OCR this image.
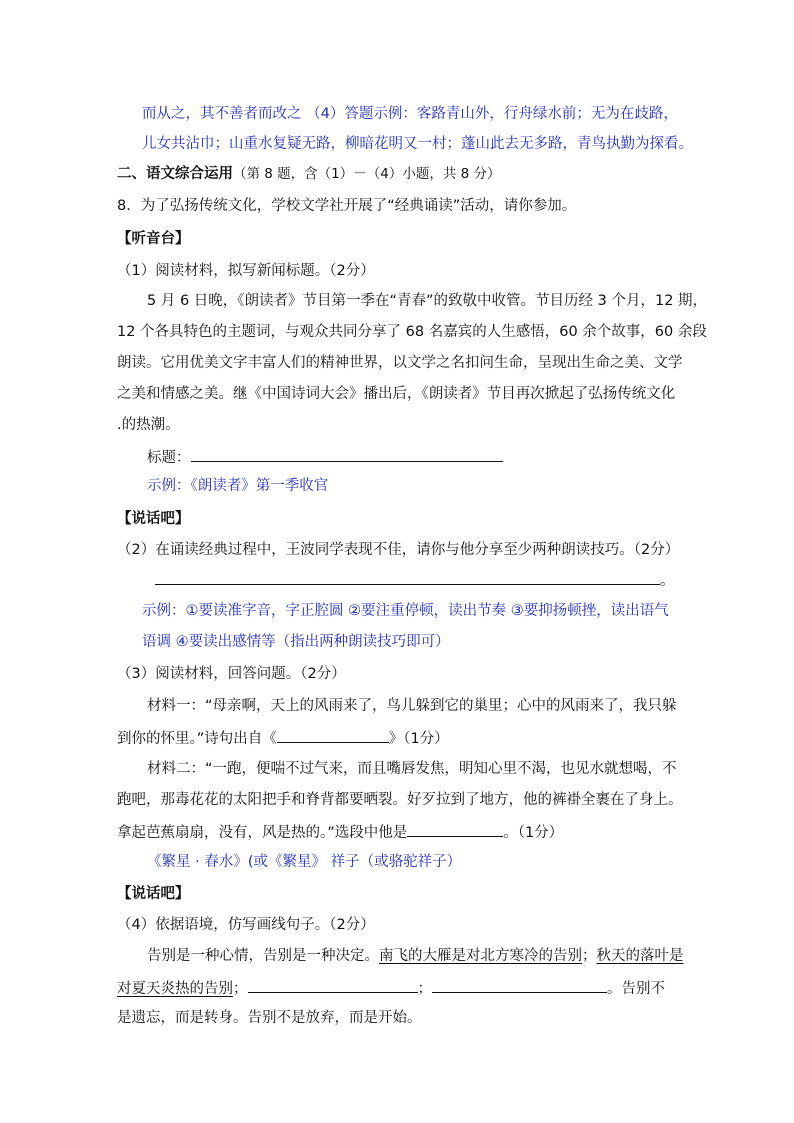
而从之，其不善者而改之 （4）答题示例：客路青山外，行舟绿水前；无为在歧路，
儿女共沾巾；山重水复疑无路，柳暗花明又一村；蓬山此去无多路，青鸟执勤为探看。
二、语文综合运用（第 8 题，含（1）－（4）小题，共 8 分）
8．为了弘扬传统文化，学校文学社开展了“经典诵读”活动，请你参加。
【听音台】
（1）阅读材料，拟写新闻标题。（2分）
5 月 6 日晚，《朗读者》节目第一季在“青春”的致敬中收管。节目历经 3 个月，12 期，
12 个各具特色的主题词，与观众共同分享了 68 名嘉宾的人生感悟，60 余个故事，60 余段
朗读。它用优美文字丰富人们的精神世界，以文学之名扣问生命，呈现出生命之美、文学
之美和情感之美。继《中国诗词大会》播出后，《朗读者》节目再次掀起了弘扬传统文化
.的热潮。
标题：
示例：《朗读者》第一季收官
【说话吧】
（2）在诵读经典过程中，王波同学表现不佳，请你与他分享至少两种朗读技巧。（2分）
。
示例：①要读准字音，字正腔圆 ②要注重停顿，读出节奏 ③要抑扬顿挫，读出语气
语调 ④要读出感情等（指出两种朗读技巧即可）
（3）阅读材料，回答问题。（2分）
材料一：“母亲啊，天上的风雨来了，鸟儿躲到它的巢里；心中的风雨来了，我只躲
到你的怀里。”诗句出自《	》（1分）
材料二：“一跑，便喘不过气来，而且嘴唇发焦，明知心里不渴，也见水就想喝，不
跑吧，那毒花花的太阳把手和脊背都要晒裂。好歹拉到了地方，他的裤褂全裹在了身上。
拿起芭蕉扇扇，没有，风是热的。”选段中他是	。（1分）
《繁星 · 春水》(或《繁星》 祥子（或骆驼祥子）
【说话吧】
（4）依据语境，仿写画线句子。（2分）
告别是一种心情，告别是一种决定。南飞的大雁是对北方寒冷的告别；秋天的落叶是
对夏天炎热的告别；	；	。告别不
是遗忘，而是转身。告别不是放弃，而是开始。
